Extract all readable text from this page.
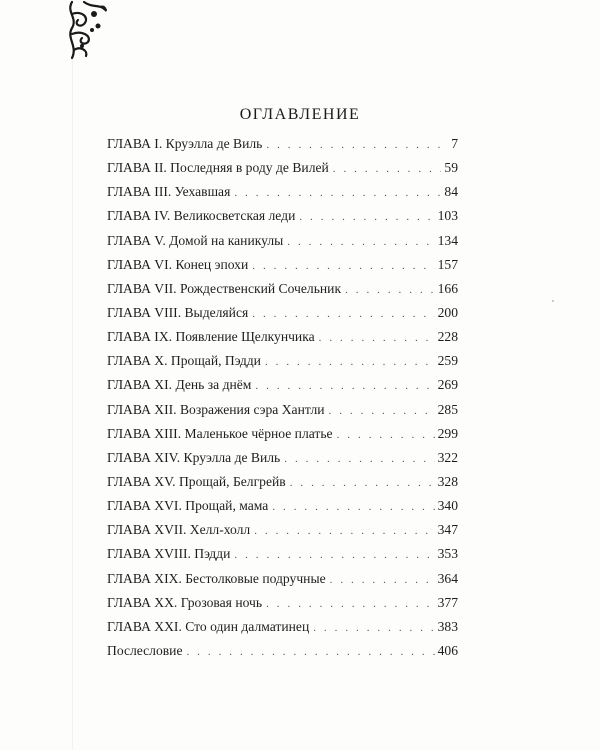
ОГЛАВЛЕНИЕ
ГЛАВА I. Круэлла де Виль . . .	7
ГЛАВА II. Последняя в роду де Вилей . . .	59
ГЛАВА III. Уехавшая . . .	84
ГЛАВА IV. Великосветская леди . . .	103
ГЛАВА V. Домой на каникулы . . .	134
ГЛАВА VI. Конец эпохи . . .	157
ГЛАВА VII. Рождественский Сочельник . . .	166
ГЛАВА VIII. Выделяйся . . .	200
ГЛАВА IX. Появление Щелкунчика . . .	228
ГЛАВА X. Прощай, Пэдди . . .	259
ГЛАВА XI. День за днём . . .	269
ГЛАВА XII. Возражения сэра Хантли . . .	285
ГЛАВА XIII. Маленькое чёрное платье . . .	299
ГЛАВА XIV. Круэлла де Виль . . .	322
ГЛАВА XV. Прощай, Белгрейв . . .	328
ГЛАВА XVI. Прощай, мама . . .	340
ГЛАВА XVII. Хелл-холл . . .	347
ГЛАВА XVIII. Пэдди . . .	353
ГЛАВА XIX. Бестолковые подручные . . .	364
ГЛАВА XX. Грозовая ночь . . .	377
ГЛАВА XXI. Сто один далматинец . . .	383
Послесловие . . .	406
